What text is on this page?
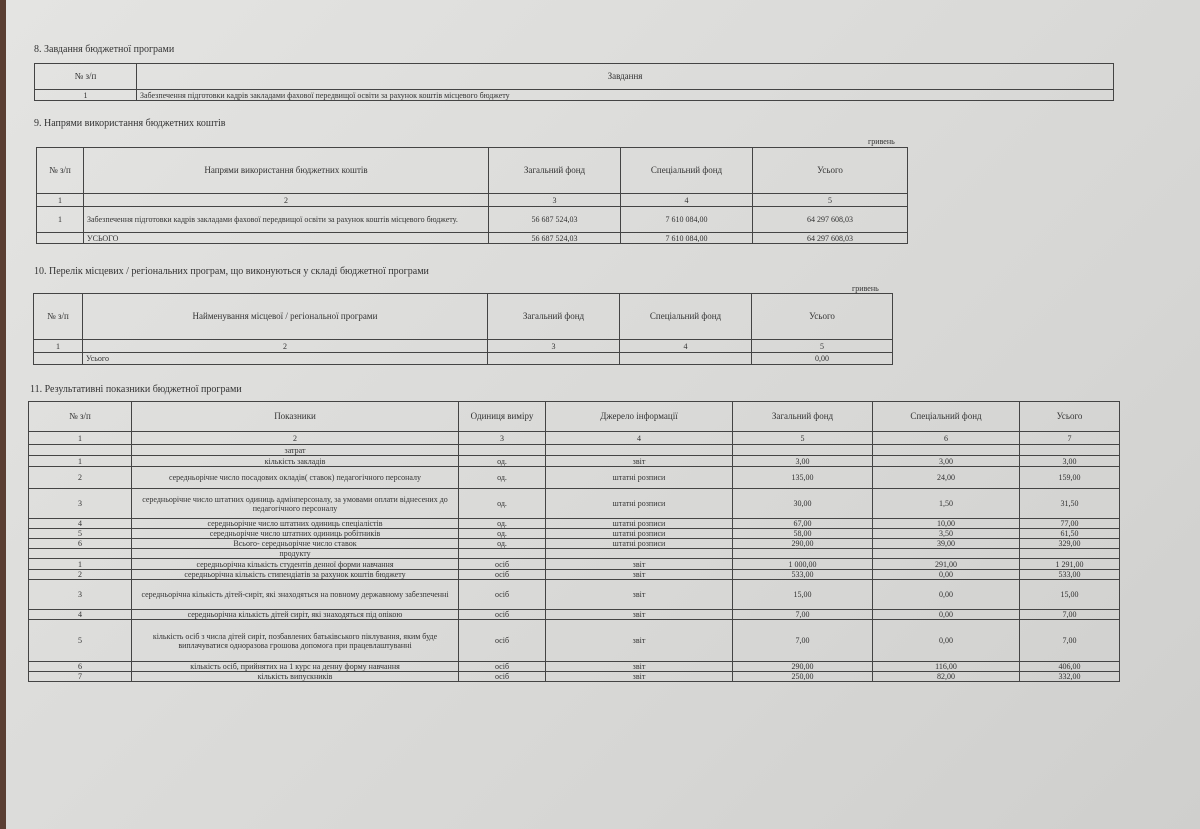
8. Завдання бюджетної програми
№ з/п	Завдання
1	Забезпечення підготовки кадрів закладами фахової передвищої освіти за рахунок коштів місцевого бюджету
9. Напрями використання бюджетних коштів
гривень
№ з/п	Напрями використання бюджетних коштів	Загальний фонд	Спеціальний фонд	Усього
1	2	3	4	5
1	Забезпечення підготовки кадрів закладами фахової передвищої освіти за рахунок коштів місцевого бюджету.	56 687 524,03	7 610 084,00	64 297 608,03
	УСЬОГО	56 687 524,03	7 610 084,00	64 297 608,03
10. Перелік місцевих / регіональних програм, що виконуються у складі бюджетної програми
гривень
№ з/п	Найменування місцевої / регіональної програми	Загальний фонд	Спеціальний фонд	Усього
1	2	3	4	5
	Усього			0,00
11. Результативні показники бюджетної програми
№ з/п	Показники	Одиниця виміру	Джерело інформації	Загальний фонд	Спеціальний фонд	Усього
1	2	3	4	5	6	7
	затрат					
1	кількість закладів	од.	звіт	3,00	3,00	3,00
2	середньорічне число посадових окладів( ставок) педагогічного персоналу	од.	штатні розписи	135,00	24,00	159,00
3	середньорічне число штатних одиниць адмінперсоналу, за умовами оплати віднесених до педагогічного персоналу	од.	штатні розписи	30,00	1,50	31,50
4	середньорічне число штатних одиниць спеціалістів	од.	штатні розписи	67,00	10,00	77,00
5	середньорічне число штатних одиниць робітників	од.	штатні розписи	58,00	3,50	61,50
6	Всього- середньорічне число ставок	од.	штатні розписи	290,00	39,00	329,00
	продукту					
1	середньорічна кількість студентів денної форми навчання	осіб	звіт	1 000,00	291,00	1 291,00
2	середньорічна кількість стипендіатів за рахунок коштів бюджету	осіб	звіт	533,00	0,00	533,00
3	середньорічна кількість дітей-сиріт, які знаходяться на повному державному забезпеченні	осіб	звіт	15,00	0,00	15,00
4	середньорічна кількість дітей сиріт, які знаходяться під опікою	осіб	звіт	7,00	0,00	7,00
5	кількість осіб з числа дітей сиріт, позбавлених батьківського піклування, яким буде виплачуватися одноразова грошова допомога при працевлаштуванні	осіб	звіт	7,00	0,00	7,00
6	кількість осіб, прийнятих на 1 курс на денну форму навчання	осіб	звіт	290,00	116,00	406,00
7	кількість випускників	осіб	звіт	250,00	82,00	332,00
